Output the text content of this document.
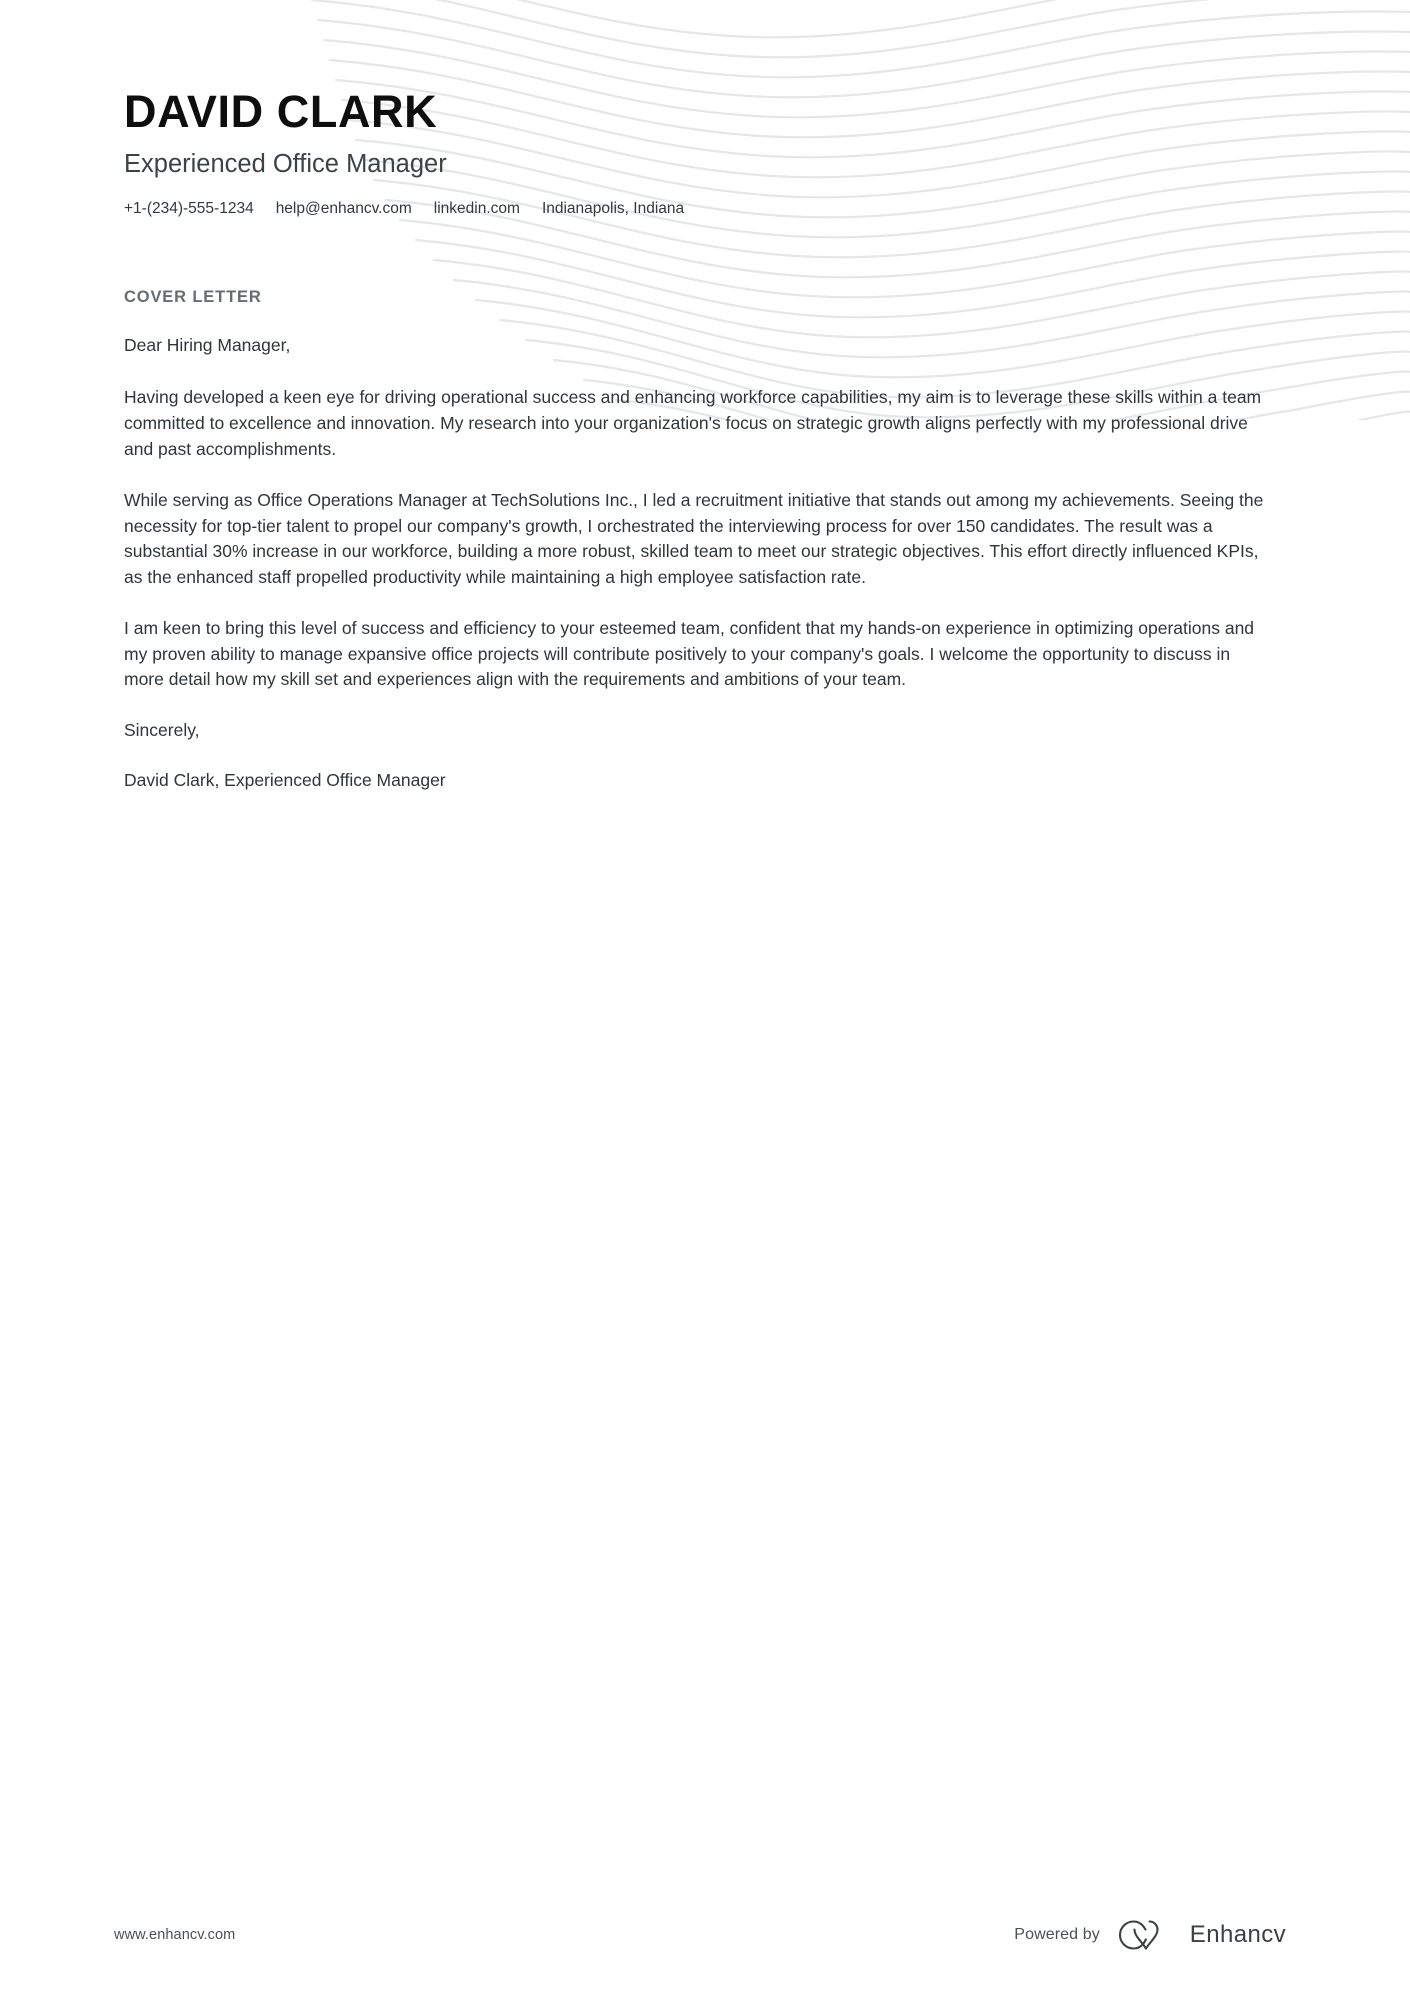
DAVID CLARK
Experienced Office Manager
+1-(234)-555-1234 help@enhancv.com linkedin.com Indianapolis, Indiana
COVER LETTER

Dear Hiring Manager,

Having developed a keen eye for driving operational success and enhancing workforce capabilities, my aim is to leverage these skills within a team committed to excellence and innovation. My research into your organization's focus on strategic growth aligns perfectly with my professional drive and past accomplishments.

While serving as Office Operations Manager at TechSolutions Inc., I led a recruitment initiative that stands out among my achievements. Seeing the necessity for top-tier talent to propel our company's growth, I orchestrated the interviewing process for over 150 candidates. The result was a substantial 30% increase in our workforce, building a more robust, skilled team to meet our strategic objectives. This effort directly influenced KPIs, as the enhanced staff propelled productivity while maintaining a high employee satisfaction rate.

I am keen to bring this level of success and efficiency to your esteemed team, confident that my hands-on experience in optimizing operations and my proven ability to manage expansive office projects will contribute positively to your company's goals. I welcome the opportunity to discuss in more detail how my skill set and experiences align with the requirements and ambitions of your team.

Sincerely,

David Clark, Experienced Office Manager

www.enhancv.com	Powered by	Enhancv
